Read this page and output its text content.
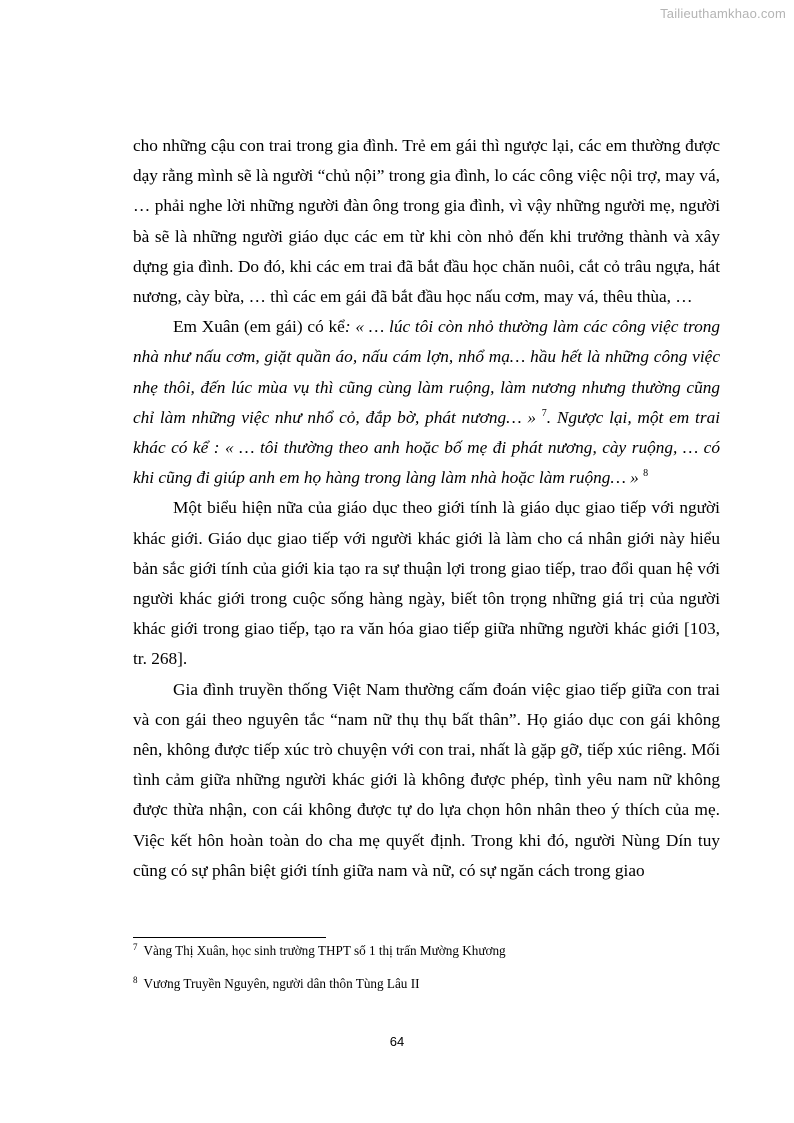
Tailieuthamkhao.com

cho những cậu con trai trong gia đình. Trẻ em gái thì ngược lại, các em thường được dạy rằng mình sẽ là người “chủ nội” trong gia đình, lo các công việc nội trợ, may vá, … phải nghe lời những người đàn ông trong gia đình, vì vậy những người mẹ, người bà sẽ là những người giáo dục các em từ khi còn nhỏ đến khi trưởng thành và xây dựng gia đình. Do đó, khi các em trai đã bắt đầu học chăn nuôi, cắt cỏ trâu ngựa, hát nương, cày bừa, … thì các em gái đã bắt đầu học nấu cơm, may vá, thêu thùa, …

Em Xuân (em gái) có kể: « … lúc tôi còn nhỏ thường làm các công việc trong nhà như nấu cơm, giặt quần áo, nấu cám lợn, nhổ mạ… hầu hết là những công việc nhẹ thôi, đến lúc mùa vụ thì cũng cùng làm ruộng, làm nương nhưng thường cũng chỉ làm những việc như nhổ cỏ, đắp bờ, phát nương… » $^7$. Ngược lại, một em trai khác có kể : « … tôi thường theo anh hoặc bố mẹ đi phát nương, cày ruộng, … có khi cũng đi giúp anh em họ hàng trong làng làm nhà hoặc làm ruộng… » $^8$

Một biểu hiện nữa của giáo dục theo giới tính là giáo dục giao tiếp với người khác giới. Giáo dục giao tiếp với người khác giới là làm cho cá nhân giới này hiểu bản sắc giới tính của giới kia tạo ra sự thuận lợi trong giao tiếp, trao đổi quan hệ với người khác giới trong cuộc sống hàng ngày, biết tôn trọng những giá trị của người khác giới trong giao tiếp, tạo ra văn hóa giao tiếp giữa những người khác giới [103, tr. 268].

Gia đình truyền thống Việt Nam thường cấm đoán việc giao tiếp giữa con trai và con gái theo nguyên tắc “nam nữ thụ thụ bất thân”. Họ giáo dục con gái không nên, không được tiếp xúc trò chuyện với con trai, nhất là gặp gỡ, tiếp xúc riêng. Mối tình cảm giữa những người khác giới là không được phép, tình yêu nam nữ không được thừa nhận, con cái không được tự do lựa chọn hôn nhân theo ý thích của mẹ. Việc kết hôn hoàn toàn do cha mẹ quyết định. Trong khi đó, người Nùng Dín tuy cũng có sự phân biệt giới tính giữa nam và nữ, có sự ngăn cách trong giao

$^7$ Vàng Thị Xuân, học sinh trường THPT số 1 thị trấn Mường Khương
$^8$ Vương Truyền Nguyên, người dân thôn Tùng Lâu II
64
